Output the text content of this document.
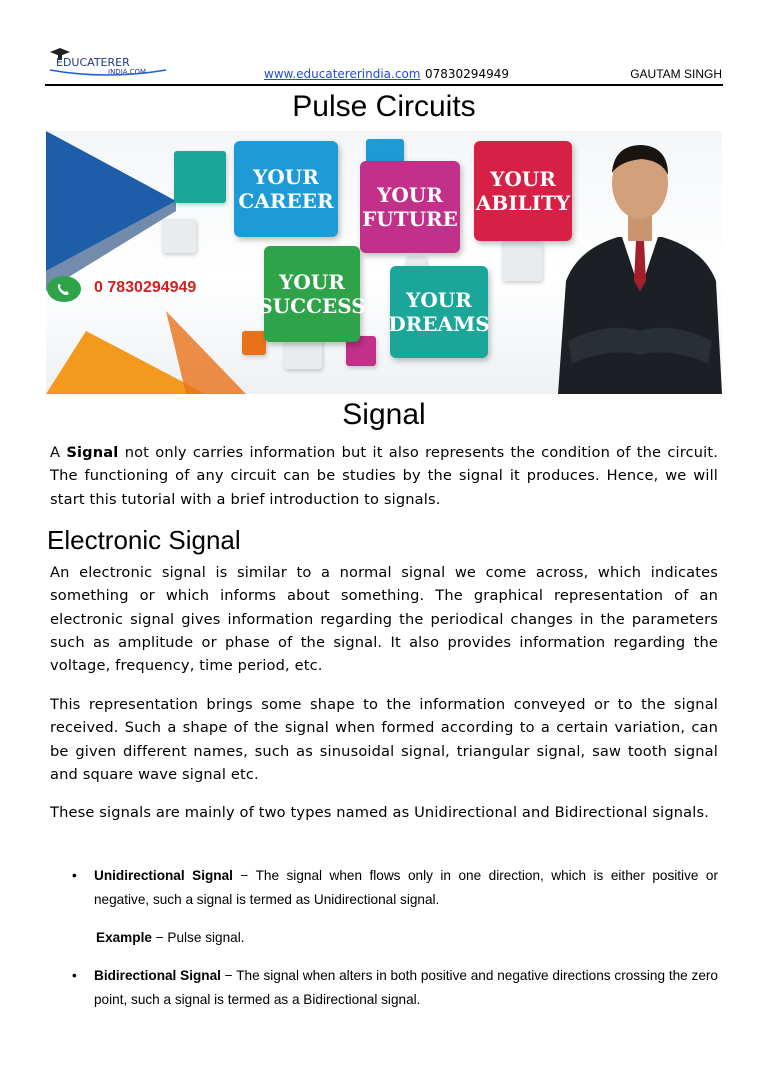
EDUCATERER
INDIA.COM	www.educatererindia.com 07830294949	GAUTAM SINGH
Pulse Circuits
YOUR
CAREER	YOUR
FUTURE
YOUR
ABILITY
YOUR
SUCCESS	YOUR
DREAMS
0 7830294949
Signal

A Signal not only carries information but it also represents the condition of the circuit. The functioning of any circuit can be studies by the signal it produces. Hence, we will start this tutorial with a brief introduction to signals.

Electronic Signal

An electronic signal is similar to a normal signal we come across, which indicates something or which informs about something. The graphical representation of an electronic signal gives information regarding the periodical changes in the parameters such as amplitude or phase of the signal. It also provides information regarding the voltage, frequency, time period, etc.

This representation brings some shape to the information conveyed or to the signal received. Such a shape of the signal when formed according to a certain variation, can be given different names, such as sinusoidal signal, triangular signal, saw tooth signal and square wave signal etc.

These signals are mainly of two types named as Unidirectional and Bidirectional signals.

• Unidirectional Signal − The signal when flows only in one direction, which is either positive or negative, such a signal is termed as Unidirectional signal.
Example − Pulse signal.
• Bidirectional Signal − The signal when alters in both positive and negative directions crossing the zero point, such a signal is termed as a Bidirectional signal.
